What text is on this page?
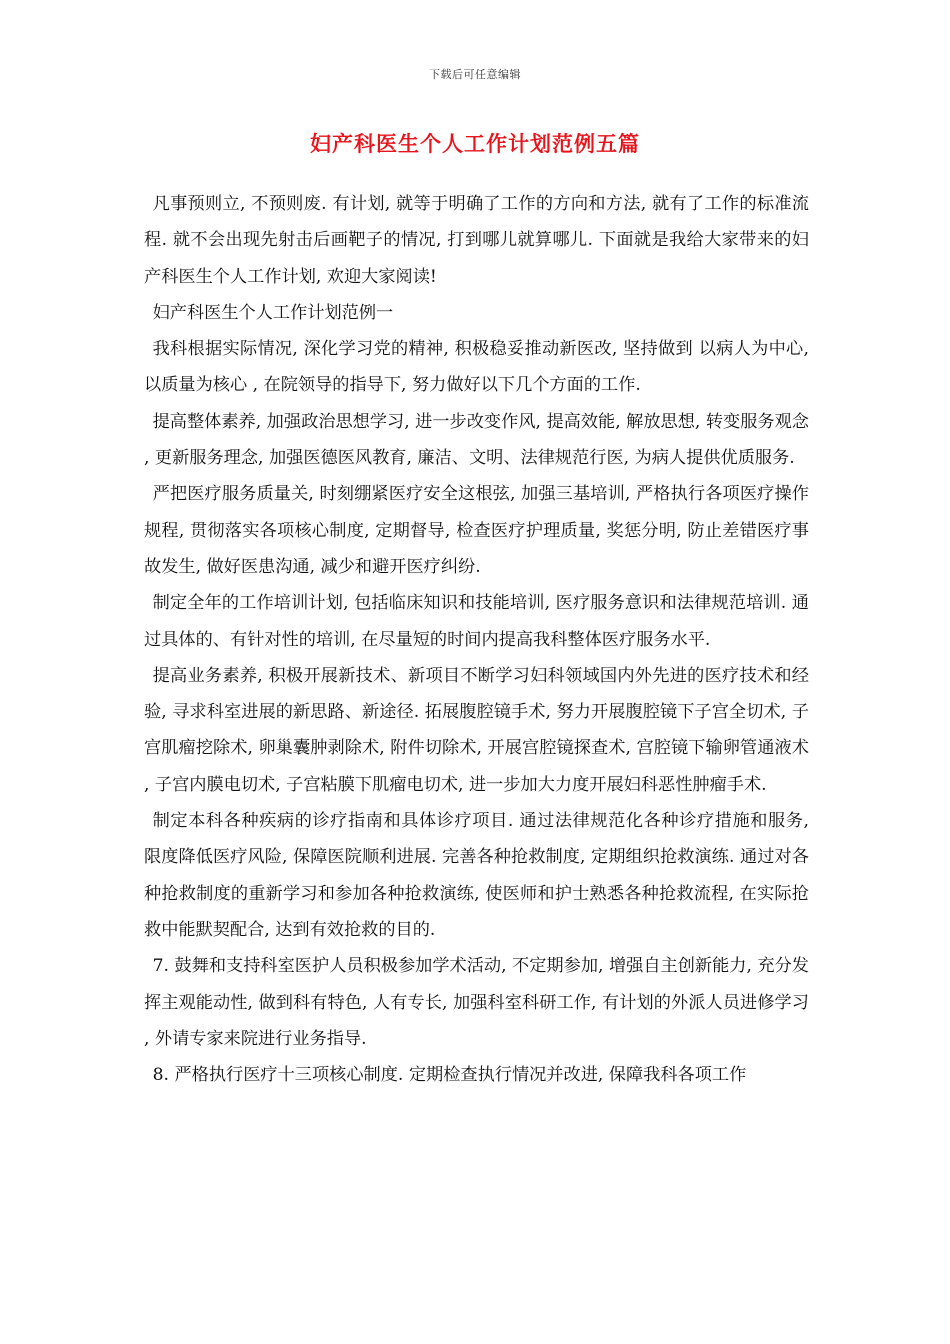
下载后可任意编辑
妇产科医生个人工作计划范例五篇

凡事预则立, 不预则废. 有计划, 就等于明确了工作的方向和方法, 就有了工作的标准流程. 就不会出现先射击后画靶子的情况, 打到哪儿就算哪儿. 下面就是我给大家带来的妇产科医生个人工作计划, 欢迎大家阅读!

妇产科医生个人工作计划范例一

我科根据实际情况, 深化学习党的精神, 积极稳妥推动新医改, 坚持做到 以病人为中心, 以质量为核心 , 在院领导的指导下, 努力做好以下几个方面的工作.

提高整体素养, 加强政治思想学习, 进一步改变作风, 提高效能, 解放思想, 转变服务观念, 更新服务理念, 加强医德医风教育, 廉洁、文明、法律规范行医, 为病人提供优质服务.

严把医疗服务质量关, 时刻绷紧医疗安全这根弦, 加强三基培训, 严格执行各项医疗操作规程, 贯彻落实各项核心制度, 定期督导, 检查医疗护理质量, 奖惩分明, 防止差错医疗事故发生, 做好医患沟通, 减少和避开医疗纠纷.

制定全年的工作培训计划, 包括临床知识和技能培训, 医疗服务意识和法律规范培训. 通过具体的、有针对性的培训, 在尽量短的时间内提高我科整体医疗服务水平.

提高业务素养, 积极开展新技术、新项目不断学习妇科领域国内外先进的医疗技术和经验, 寻求科室进展的新思路、新途径. 拓展腹腔镜手术, 努力开展腹腔镜下子宫全切术, 子宫肌瘤挖除术, 卵巢囊肿剥除术, 附件切除术, 开展宫腔镜探查术, 宫腔镜下输卵管通液术, 子宫内膜电切术, 子宫粘膜下肌瘤电切术, 进一步加大力度开展妇科恶性肿瘤手术.

制定本科各种疾病的诊疗指南和具体诊疗项目. 通过法律规范化各种诊疗措施和服务, 限度降低医疗风险, 保障医院顺利进展. 完善各种抢救制度, 定期组织抢救演练. 通过对各种抢救制度的重新学习和参加各种抢救演练, 使医师和护士熟悉各种抢救流程, 在实际抢救中能默契配合, 达到有效抢救的目的.

7. 鼓舞和支持科室医护人员积极参加学术活动, 不定期参加, 增强自主创新能力, 充分发挥主观能动性, 做到科有特色, 人有专长, 加强科室科研工作, 有计划的外派人员进修学习, 外请专家来院进行业务指导.

8. 严格执行医疗十三项核心制度. 定期检查执行情况并改进, 保障我科各项工作
